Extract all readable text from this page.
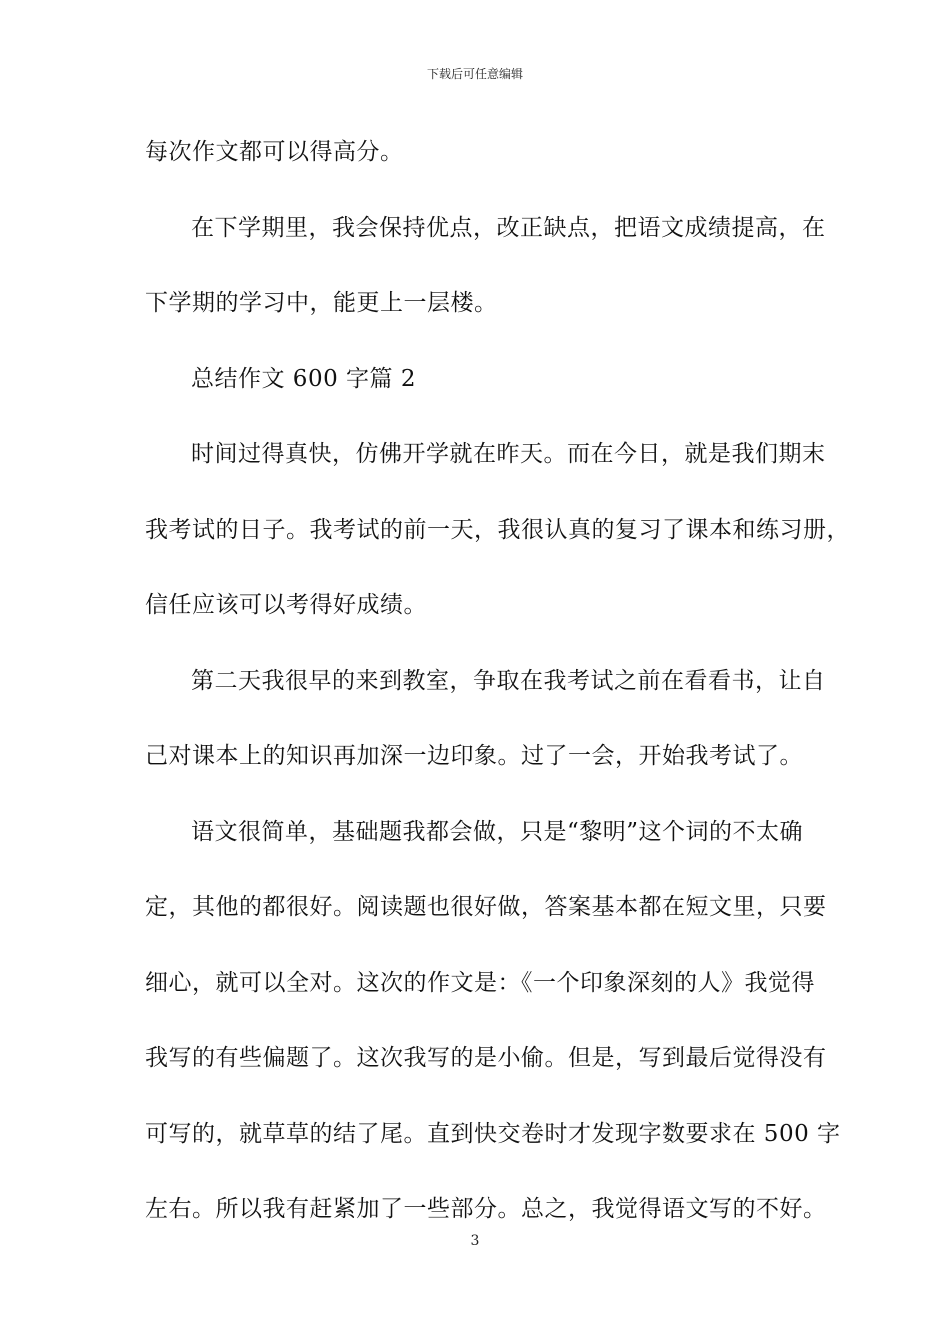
下载后可任意编辑
每次作文都可以得高分。
在下学期里，我会保持优点，改正缺点，把语文成绩提高，在
下学期的学习中，能更上一层楼。
总结作文 600 字篇 2
时间过得真快，仿佛开学就在昨天。而在今日，就是我们期末
我考试的日子。我考试的前一天，我很认真的复习了课本和练习册，
信任应该可以考得好成绩。
第二天我很早的来到教室，争取在我考试之前在看看书，让自
己对课本上的知识再加深一边印象。过了一会，开始我考试了。
语文很简单，基础题我都会做，只是“黎明”这个词的不太确
定，其他的都很好。阅读题也很好做，答案基本都在短文里，只要
细心，就可以全对。这次的作文是：《一个印象深刻的人》我觉得
我写的有些偏题了。这次我写的是小偷。但是，写到最后觉得没有
可写的，就草草的结了尾。直到快交卷时才发现字数要求在 500 字
左右。所以我有赶紧加了一些部分。总之，我觉得语文写的不好。
3
